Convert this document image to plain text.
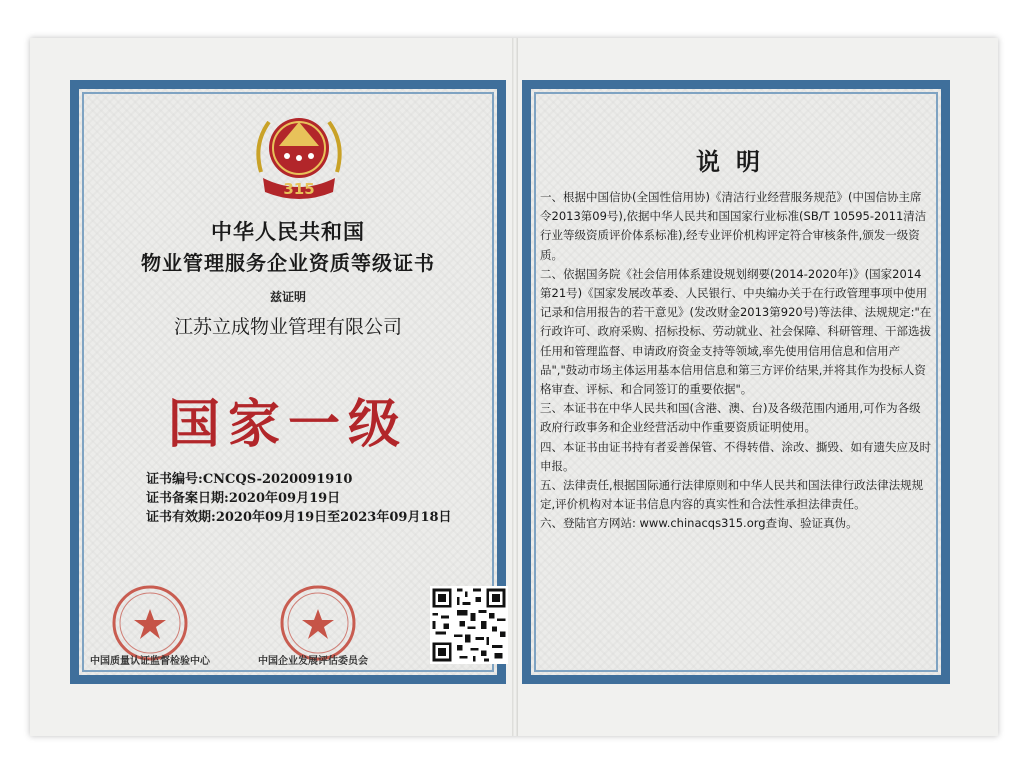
315
中华人民共和国
物业管理服务企业资质等级证书
兹证明
江苏立成物业管理有限公司
国家一级
证书编号:CNCQS-2020091910
证书备案日期:2020年09月19日
证书有效期:2020年09月19日至2023年09月18日
中国质量认证监督检验中心	中国企业发展评估委员会
说明

一、根据中国信协(全国性信用协)《清洁行业经营服务规范》(中国信协主席令2013第09号),依据中华人民共和国国家行业标准(SB/T 10595-2011清洁行业等级资质评价体系标准),经专业评价机构评定符合审核条件,颁发一级资质。

二、依据国务院《社会信用体系建设规划纲要(2014-2020年)》(国家2014第21号)《国家发展改革委、人民银行、中央编办关于在行政管理事项中使用记录和信用报告的若干意见》(发改财金2013第920号)等法律、法规规定:"在行政许可、政府采购、招标投标、劳动就业、社会保障、科研管理、干部选拔任用和管理监督、申请政府资金支持等领域,率先使用信用信息和信用产品","鼓动市场主体运用基本信用信息和第三方评价结果,并将其作为投标人资格审查、评标、和合同签订的重要依据"。

三、本证书在中华人民共和国(含港、澳、台)及各级范围内通用,可作为各级政府行政事务和企业经营活动中作重要资质证明使用。

四、本证书由证书持有者妥善保管、不得转借、涂改、撕毁、如有遗失应及时申报。

五、法律责任,根据国际通行法律原则和中华人民共和国法律行政法律法规规定,评价机构对本证书信息内容的真实性和合法性承担法律责任。

六、登陆官方网站: www.chinacqs315.org查询、验证真伪。
